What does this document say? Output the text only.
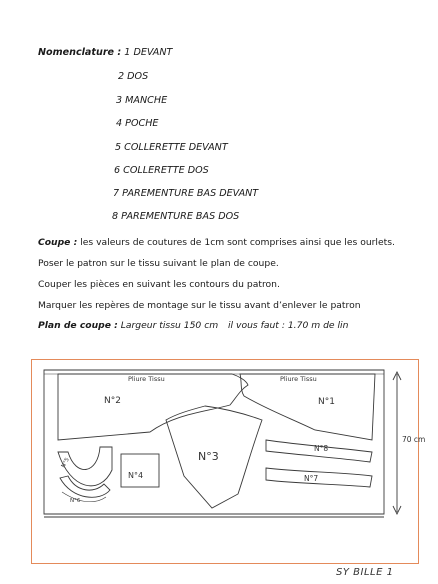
Nomenclature : 1 DEVANT
2 DOS
3 MANCHE
4 POCHE
5 COLLERETTE DEVANT
6 COLLERETTE DOS
7 PAREMENTURE BAS DEVANT
8 PAREMENTURE BAS DOS
Coupe : les valeurs de coutures de 1cm sont comprises ainsi que les ourlets.
Poser le patron sur le tissu suivant le plan de coupe.
Couper les pièces en suivant les contours du patron.
Marquer les repères de montage sur le tissu avant d’enlever le patron
Plan de coupe : Largeur tissu 150 cm il vous faut : 1.70 m de lin
Pliure Tissu	Pliure Tissu
N°2	N°1
N°3
N°4
N°8
N°7
N°5
N°6
70 cm
SY BILLE 1
